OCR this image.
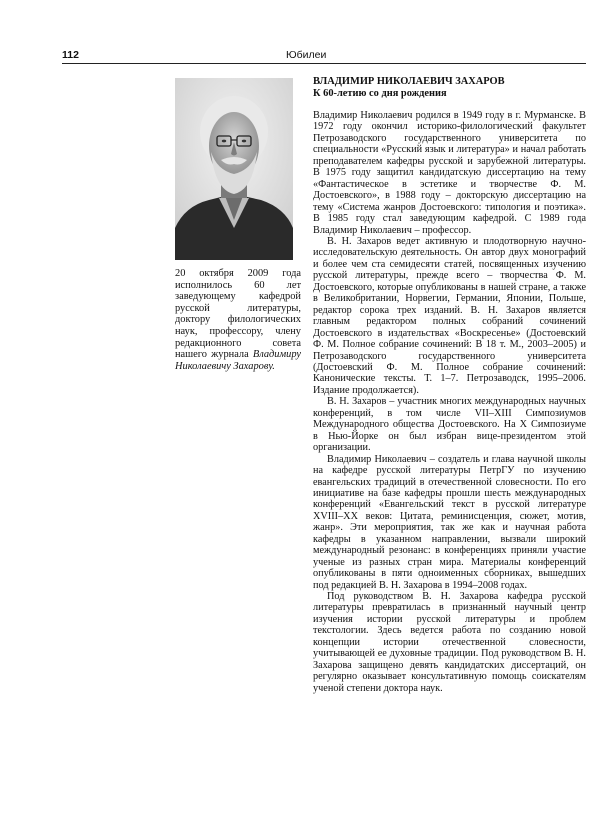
112	Юбилеи
20 октября 2009 года исполнилось 60 лет заведующему кафедрой русской литературы, доктору филологических наук, профессору, члену редакционного совета нашего журнала Владимиру Николаевичу Захарову.
ВЛАДИМИР НИКОЛАЕВИЧ ЗАХАРОВ
К 60-летию со дня рождения

Владимир Николаевич родился в 1949 году в г. Мурманске. В 1972 году окончил историко-филологический факультет Петрозаводского государственного университета по специальности «Русский язык и литература» и начал работать преподавателем кафедры русской и зарубежной литературы. В 1975 году защитил кандидатскую диссертацию на тему «Фантастическое в эстетике и творчестве Ф. М. Достоевского», в 1988 году – докторскую диссертацию на тему «Система жанров Достоевского: типология и поэтика». В 1985 году стал заведующим кафедрой. С 1989 года Владимир Николаевич – профессор.

В. Н. Захаров ведет активную и плодотворную научно-исследовательскую деятельность. Он автор двух монографий и более чем ста семидесяти статей, посвященных изучению русской литературы, прежде всего – творчества Ф. М. Достоевского, которые опубликованы в нашей стране, а также в Великобритании, Норвегии, Германии, Японии, Польше, редактор сорока трех изданий. В. Н. Захаров является главным редактором полных собраний сочинений Достоевского в издательствах «Воскресенье» (Достоевский Ф. М. Полное собрание сочинений: В 18 т. М., 2003–2005) и Петрозаводского государственного университета (Достоевский Ф. М. Полное собрание сочинений: Канонические тексты. Т. 1–7. Петрозаводск, 1995–2006. Издание продолжается).

В. Н. Захаров – участник многих международных научных конференций, в том числе VII–XIII Симпозиумов Международного общества Достоевского. На X Симпозиуме в Нью-Йорке он был избран вице-президентом этой организации.

Владимир Николаевич – создатель и глава научной школы на кафедре русской литературы ПетрГУ по изучению евангельских традиций в отечественной словесности. По его инициативе на базе кафедры прошли шесть международных конференций «Евангельский текст в русской литературе XVIII–XX веков: Цитата, реминисценция, сюжет, мотив, жанр». Эти мероприятия, так же как и научная работа кафедры в указанном направлении, вызвали широкий международный резонанс: в конференциях приняли участие ученые из разных стран мира. Материалы конференций опубликованы в пяти одноименных сборниках, вышедших под редакцией В. Н. Захарова в 1994–2008 годах.

Под руководством В. Н. Захарова кафедра русской литературы превратилась в признанный научный центр изучения истории русской литературы и проблем текстологии. Здесь ведется работа по созданию новой концепции истории отечественной словесности, учитывающей ее духовные традиции. Под руководством В. Н. Захарова защищено девять кандидатских диссертаций, он регулярно оказывает консультативную помощь соискателям ученой степени доктора наук.
